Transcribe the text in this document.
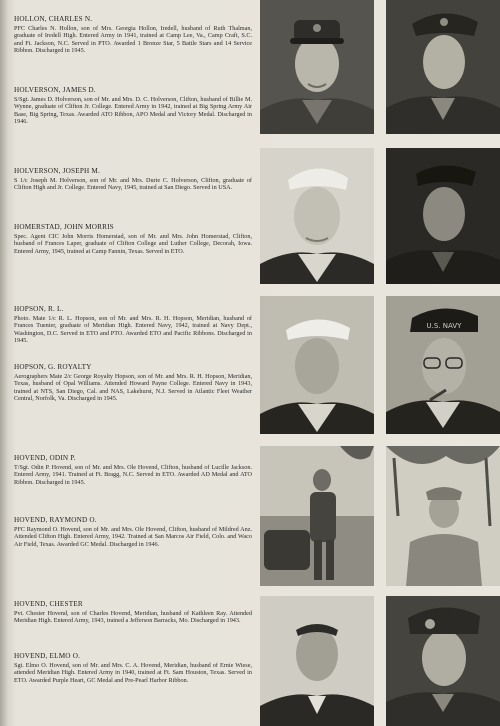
HOLLON, CHARLES N.
PFC Charles N. Hollon, son of Mrs. Georgia Hollon, Iredell, husband of Ruth Thalman, graduate of Iredell High. Entered Army in 1941, trained at Camp Lee, Va., Camp Craft, S.C. and Ft. Jackson, N.C. Served in PTO. Awarded 1 Bronze Star, 5 Battle Stars and 14 Service Ribbon. Discharged in 1945.
HOLVERSON, JAMES D.
S/Sgt. James D. Holverson, son of Mr. and Mrs. D. C. Holverson, Clifton, husband of Billie M. Wynne, graduate of Clifton Jr. College. Entered Army in 1942, trained at Big Spring Army Air Base, Big Spring, Texas. Awarded ATO Ribbon, APO Medal and Victory Medal. Discharged in 1946.
HOLVERSON, JOSEPH M.
S 1/c Joseph M. Holverson, son of Mr. and Mrs. Durie C. Holverson, Clifton, graduate of Clifton High and Jr. College. Entered Navy, 1945, trained at San Diego. Served in USA.
HOMERSTAD, JOHN MORRIS
Spec. Agent CIC John Morris Homerstad, son of Mr. and Mrs. John Homerstad, Clifton, husband of Frances Laper, graduate of Clifton College and Luther College, Decorah, Iowa. Entered Army, 1945, trained at Camp Fannin, Texas. Served in ETO.
HOPSON, R. L.
Photo. Mate 1/c R. L. Hopson, son of Mr. and Mrs. R. H. Hopson, Meridian, husband of Frances Tuenier, graduate of Meridian High. Entered Navy, 1942, trained at Navy Dept., Washington, D.C. Served in ETO and PTO. Awarded ETO and Pacific Ribbons. Discharged in 1945.
HOPSON, G. ROYALTY
Aerographers Mate 2/c George Royalty Hopson, son of Mr. and Mrs. R. H. Hopson, Meridian, Texas, husband of Opal Williams. Attended Howard Payne College. Entered Navy in 1943, trained at NTS, San Diego, Cal. and NAS, Lakehurst, N.J. Served in Atlantic Fleet Weather Central, Norfolk, Va. Discharged in 1945.
HOVEND, ODIN P.
T/Sgt. Odin P. Hovend, son of Mr. and Mrs. Ole Hovend, Clifton, husband of Lucille Jackson. Entered Army, 1941. Trained at Ft. Bragg, N.C. Served in ETO. Awarded AD Medal and ATO Ribbon. Discharged in 1945.
HOVEND, RAYMOND O.
PFC Raymond O. Hovend, son of Mr. and Mrs. Ole Hovend, Clifton, husband of Mildred Anz. Attended Clifton High. Entered Army, 1942. Trained at San Marcos Air Field, Colo. and Waco Air Field, Texas. Awarded GC Medal. Discharged in 1946.
HOVEND, CHESTER
Pvt. Chester Hovend, son of Charles Hovend, Meridian, husband of Kathleen Ray. Attended Meridian High. Entered Army, 1943, trained a Jefferson Barracks, Mo. Discharged in 1943.
HOVEND, ELMO O.
Sgt. Elmo O. Hovend, son of Mr. and Mrs. C. A. Hovend, Meridian, husband of Ernie Wiese, attended Meridian High. Entered Army in 1940, trained at Ft. Sam Houston, Texas. Served in ETO. Awarded Purple Heart, GC Medal and Pre-Pearl Harbor Ribbon.
U.S. NAVY
